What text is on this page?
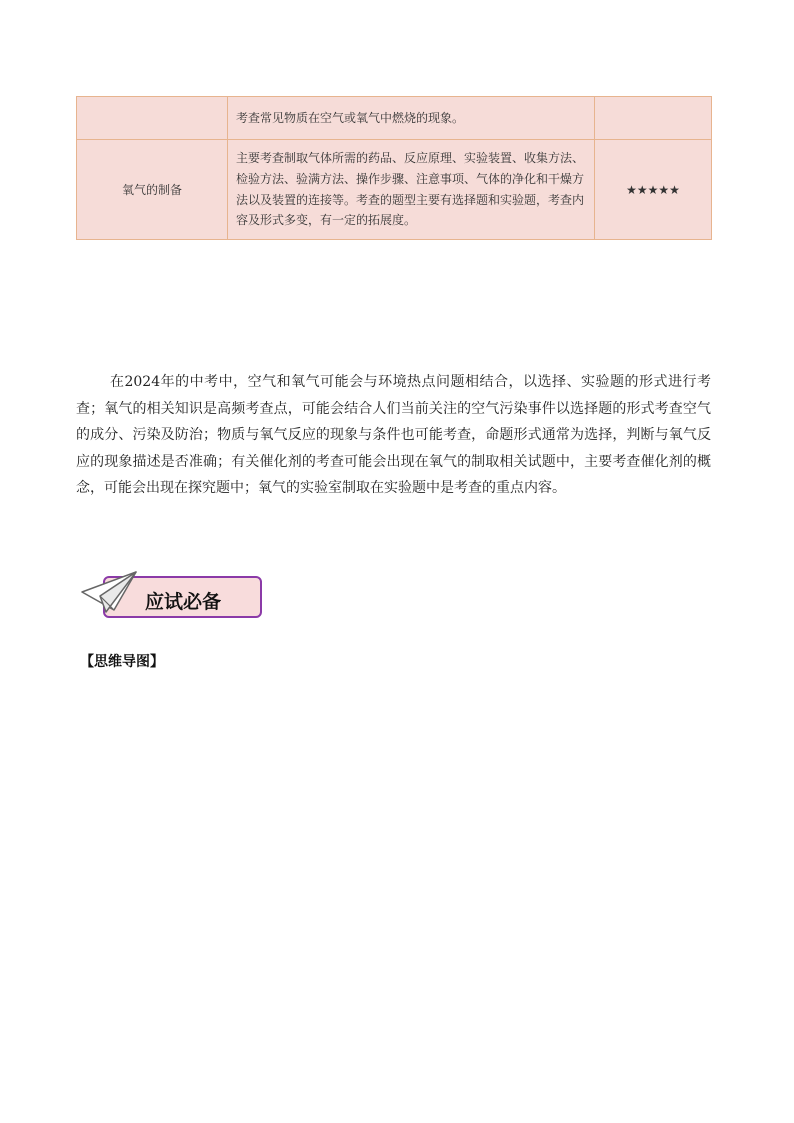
	考查常见物质在空气或氧气中燃烧的现象。	
氧气的制备	主要考查制取气体所需的药品、反应原理、实验装置、收集方法、检验方法、验满方法、操作步骤、注意事项、气体的净化和干燥方法以及装置的连接等。考查的题型主要有选择题和实验题，考查内容及形式多变，有一定的拓展度。	★★★★★

在2024年的中考中，空气和氧气可能会与环境热点问题相结合，以选择、实验题的形式进行考查；氧气的相关知识是高频考查点，可能会结合人们当前关注的空气污染事件以选择题的形式考查空气的成分、污染及防治；物质与氧气反应的现象与条件也可能考查，命题形式通常为选择，判断与氧气反应的现象描述是否准确；有关催化剂的考查可能会出现在氧气的制取相关试题中，主要考查催化剂的概念，可能会出现在探究题中；氧气的实验室制取在实验题中是考查的重点内容。

应试必备
【思维导图】
